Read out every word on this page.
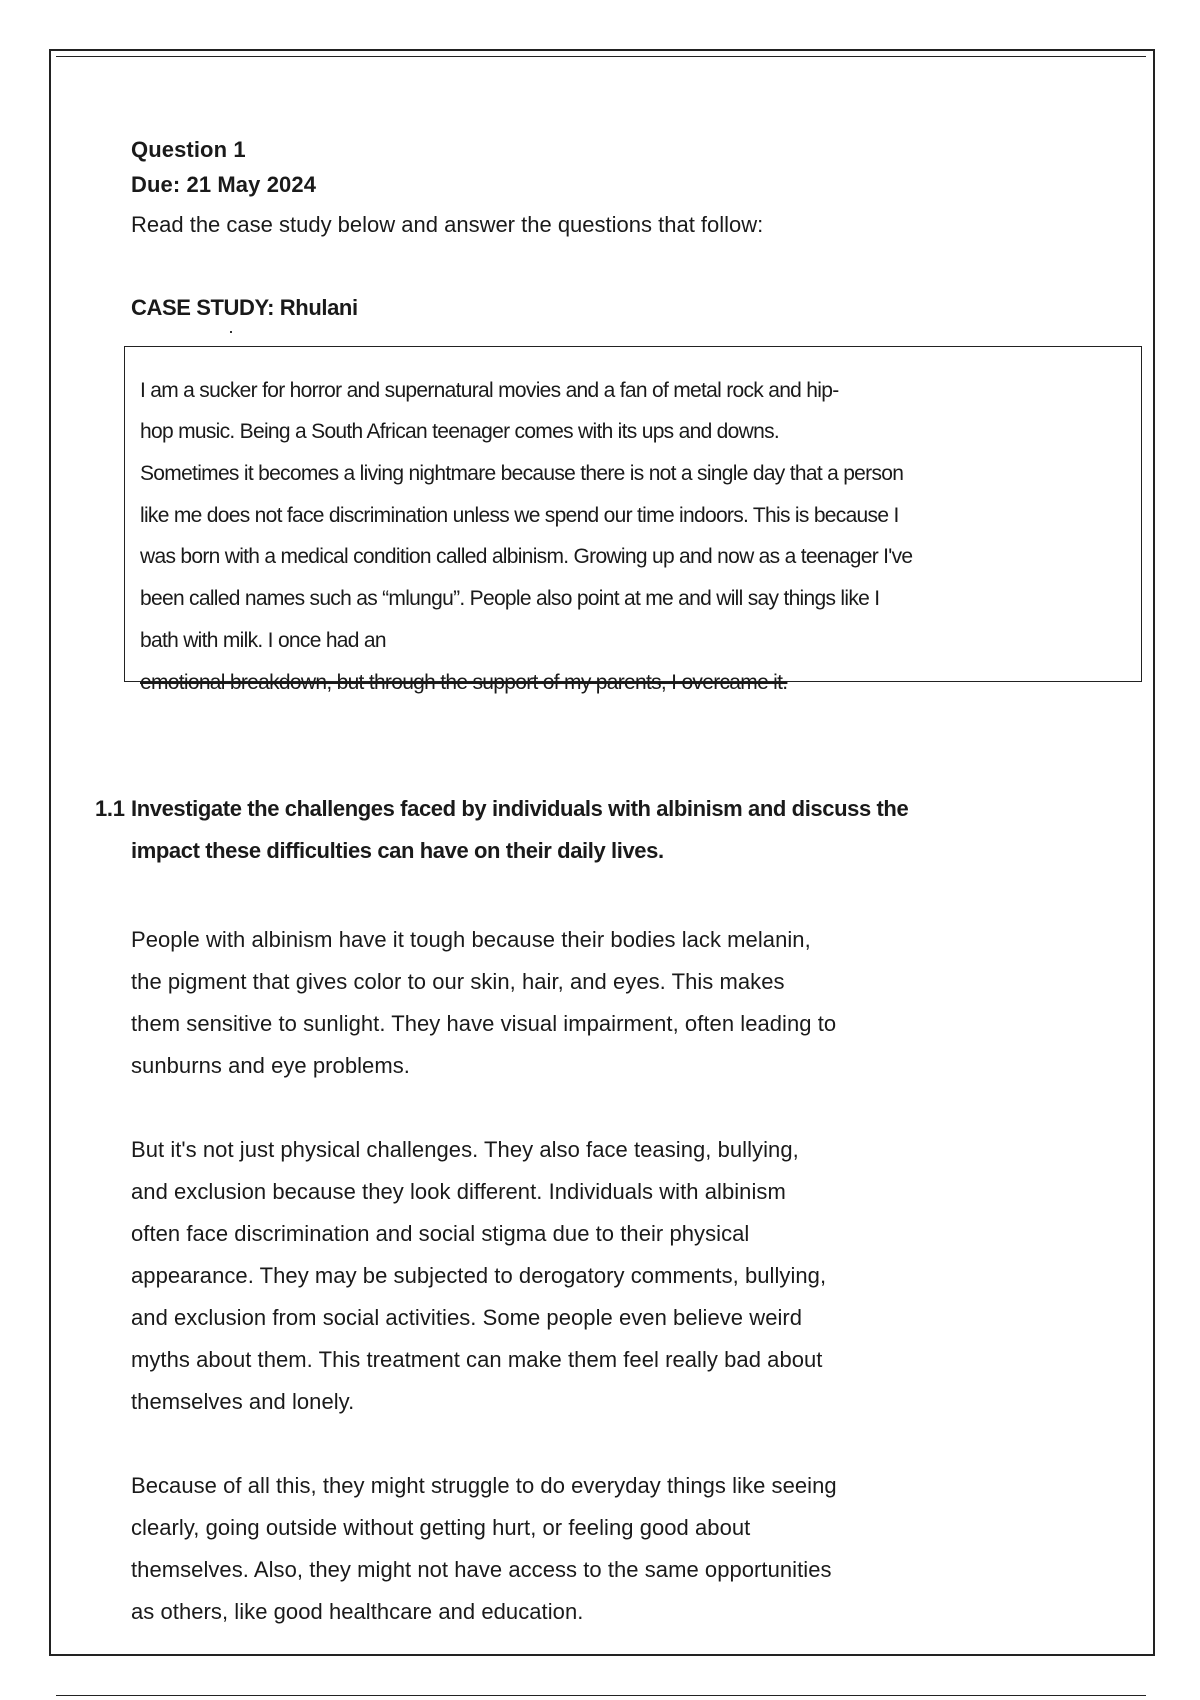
Question 1
Due: 21 May 2024
Read the case study below and answer the questions that follow:
CASE STUDY: Rhulani
I am a sucker for horror and supernatural movies and a fan of metal rock and hip-
hop music. Being a South African teenager comes with its ups and downs.
Sometimes it becomes a living nightmare because there is not a single day that a person
like me does not face discrimination unless we spend our time indoors. This is because I
was born with a medical condition called albinism. Growing up and now as a teenager I've
been called names such as “mlungu”. People also point at me and will say things like I
bath with milk. I once had an
emotional breakdown, but through the support of my parents, I overcame it.
1.1 Investigate the challenges faced by individuals with albinism and discuss the
impact these difficulties can have on their daily lives.
People with albinism have it tough because their bodies lack melanin,
the pigment that gives color to our skin, hair, and eyes. This makes
them sensitive to sunlight. They have visual impairment, often leading to
sunburns and eye problems.
But it's not just physical challenges. They also face teasing, bullying,
and exclusion because they look different. Individuals with albinism
often face discrimination and social stigma due to their physical
appearance. They may be subjected to derogatory comments, bullying,
and exclusion from social activities. Some people even believe weird
myths about them. This treatment can make them feel really bad about
themselves and lonely.
Because of all this, they might struggle to do everyday things like seeing
clearly, going outside without getting hurt, or feeling good about
themselves. Also, they might not have access to the same opportunities
as others, like good healthcare and education.
